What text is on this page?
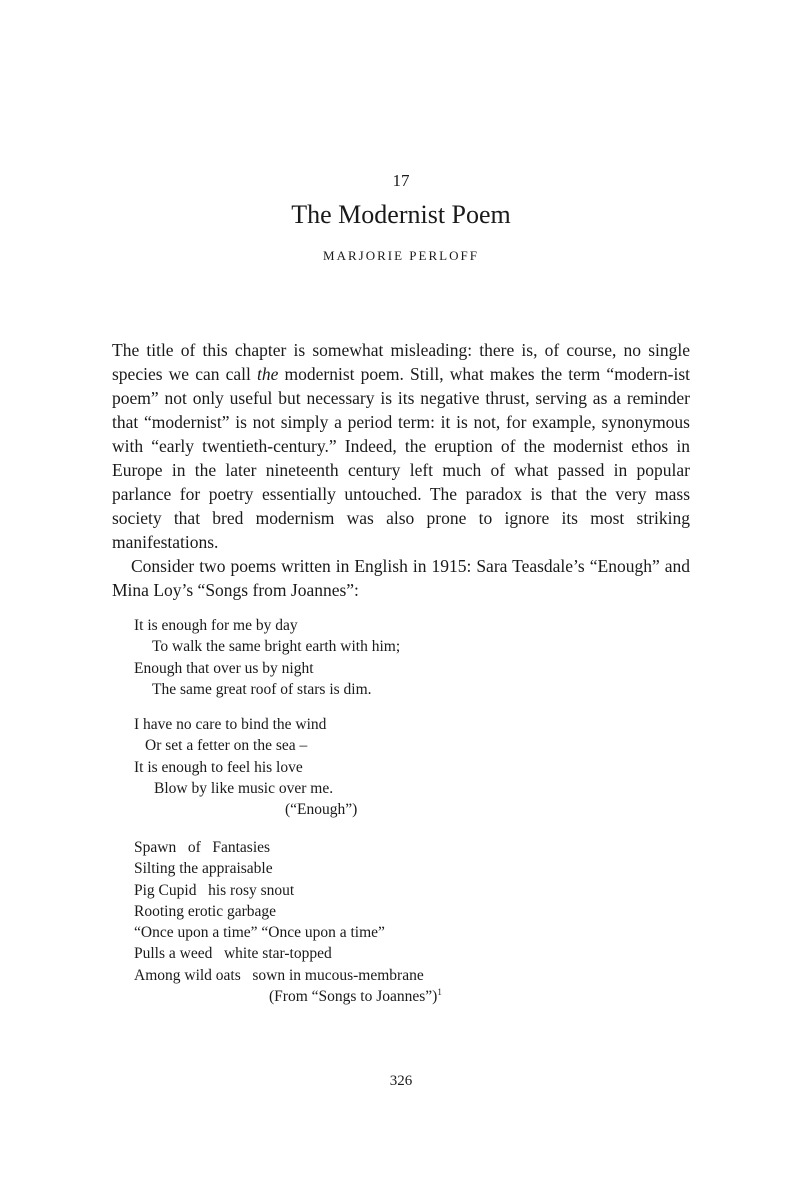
17
The Modernist Poem
MARJORIE PERLOFF

The title of this chapter is somewhat misleading: there is, of course, no single species we can call the modernist poem. Still, what makes the term “modern-ist poem” not only useful but necessary is its negative thrust, serving as a reminder that “modernist” is not simply a period term: it is not, for example, synonymous with “early twentieth-century.” Indeed, the eruption of the modernist ethos in Europe in the later nineteenth century left much of what passed in popular parlance for poetry essentially untouched. The paradox is that the very mass society that bred modernism was also prone to ignore its most striking manifestations.

Consider two poems written in English in 1915: Sara Teasdale’s “Enough” and Mina Loy’s “Songs from Joannes”:

It is enough for me by day
To walk the same bright earth with him;
Enough that over us by night
The same great roof of stars is dim.
I have no care to bind the wind
Or set a fetter on the sea –
It is enough to feel his love
Blow by like music over me.
(“Enough”)
Spawn   of   Fantasies
Silting the appraisable
Pig Cupid   his rosy snout
Rooting erotic garbage
“Once upon a time” “Once upon a time”
Pulls a weed   white star-topped
Among wild oats   sown in mucous-membrane
(From “Songs to Joannes”)$^1$
326
